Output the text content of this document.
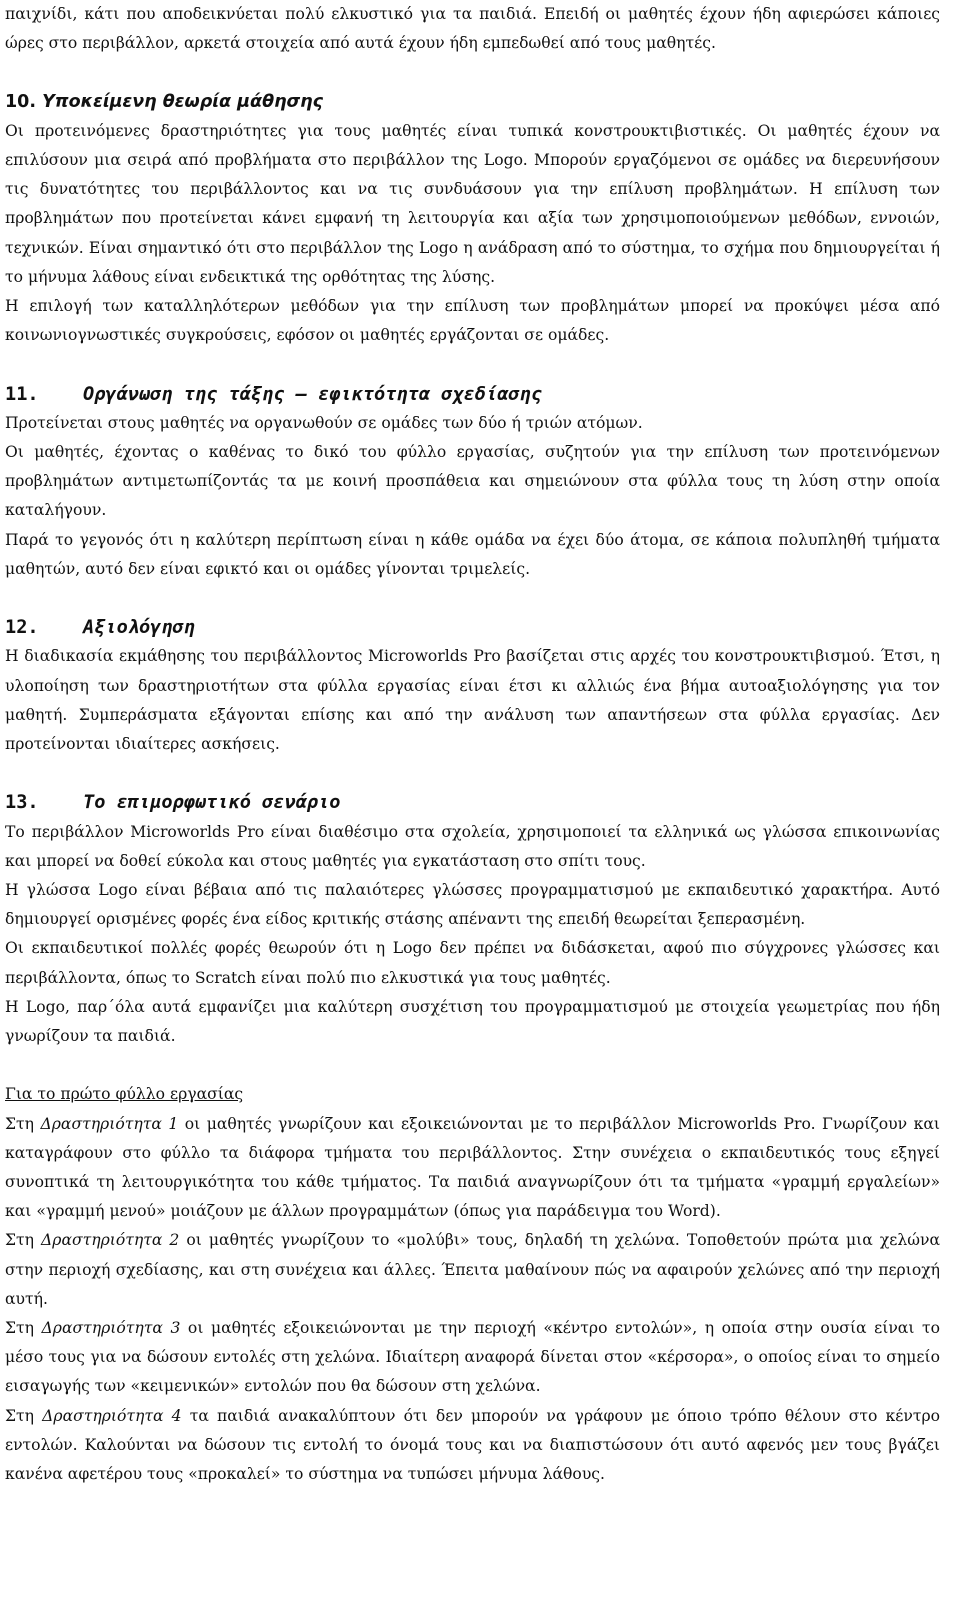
παιχνίδι, κάτι που αποδεικνύεται πολύ ελκυστικό για τα παιδιά. Επειδή οι μαθητές έχουν ήδη αφιερώσει κάποιες ώρες στο περιβάλλον, αρκετά στοιχεία από αυτά έχουν ήδη εμπεδωθεί από τους μαθητές.

10. Υποκείμενη θεωρία μάθησης

Οι προτεινόμενες δραστηριότητες για τους μαθητές είναι τυπικά κονστρουκτιβιστικές. Οι μαθητές έχουν να επιλύσουν μια σειρά από προβλήματα στο περιβάλλον της Logo. Μπορούν εργαζόμενοι σε ομάδες να διερευνήσουν τις δυνατότητες του περιβάλλοντος και να τις συνδυάσουν για την επίλυση προβλημάτων. Η επίλυση των προβλημάτων που προτείνεται κάνει εμφανή τη λειτουργία και αξία των χρησιμοποιούμενων μεθόδων, εννοιών, τεχνικών. Είναι σημαντικό ότι στο περιβάλλον της Logo η ανάδραση από το σύστημα, το σχήμα που δημιουργείται ή το μήνυμα λάθους είναι ενδεικτικά της ορθότητας της λύσης.

Η επιλογή των καταλληλότερων μεθόδων για την επίλυση των προβλημάτων μπορεί να προκύψει μέσα από κοινωνιογνωστικές συγκρούσεις, εφόσον οι μαθητές εργάζονται σε ομάδες.

11. Οργάνωση της τάξης – εφικτότητα σχεδίασης

Προτείνεται στους μαθητές να οργανωθούν σε ομάδες των δύο ή τριών ατόμων.

Οι μαθητές, έχοντας ο καθένας το δικό του φύλλο εργασίας, συζητούν για την επίλυση των προτεινόμενων προβλημάτων αντιμετωπίζοντάς τα με κοινή προσπάθεια και σημειώνουν στα φύλλα τους τη λύση στην οποία καταλήγουν.

Παρά το γεγονός ότι η καλύτερη περίπτωση είναι η κάθε ομάδα να έχει δύο άτομα, σε κάποια πολυπληθή τμήματα μαθητών, αυτό δεν είναι εφικτό και οι ομάδες γίνονται τριμελείς.

12. Αξιολόγηση

Η διαδικασία εκμάθησης του περιβάλλοντος Microworlds Pro βασίζεται στις αρχές του κονστρουκτιβισμού. Έτσι, η υλοποίηση των δραστηριοτήτων στα φύλλα εργασίας είναι έτσι κι αλλιώς ένα βήμα αυτοαξιολόγησης για τον μαθητή. Συμπεράσματα εξάγονται επίσης και από την ανάλυση των απαντήσεων στα φύλλα εργασίας. Δεν προτείνονται ιδιαίτερες ασκήσεις.

13. Το επιμορφωτικό σενάριο

Το περιβάλλον Microworlds Pro είναι διαθέσιμο στα σχολεία, χρησιμοποιεί τα ελληνικά ως γλώσσα επικοινωνίας και μπορεί να δοθεί εύκολα και στους μαθητές για εγκατάσταση στο σπίτι τους.

Η γλώσσα Logo είναι βέβαια από τις παλαιότερες γλώσσες προγραμματισμού με εκπαιδευτικό χαρακτήρα. Αυτό δημιουργεί ορισμένες φορές ένα είδος κριτικής στάσης απέναντι της επειδή θεωρείται ξεπερασμένη.

Οι εκπαιδευτικοί πολλές φορές θεωρούν ότι η Logo δεν πρέπει να διδάσκεται, αφού πιο σύγχρονες γλώσσες και περιβάλλοντα, όπως το Scratch είναι πολύ πιο ελκυστικά για τους μαθητές.

Η Logo, παρ΄όλα αυτά εμφανίζει μια καλύτερη συσχέτιση του προγραμματισμού με στοιχεία γεωμετρίας που ήδη γνωρίζουν τα παιδιά.

Για το πρώτο φύλλο εργασίας

Στη Δραστηριότητα 1 οι μαθητές γνωρίζουν και εξοικειώνονται με το περιβάλλον Microworlds Pro. Γνωρίζουν και καταγράφουν στο φύλλο τα διάφορα τμήματα του περιβάλλοντος. Στην συνέχεια ο εκπαιδευτικός τους εξηγεί συνοπτικά τη λειτουργικότητα του κάθε τμήματος. Τα παιδιά αναγνωρίζουν ότι τα τμήματα «γραμμή εργαλείων» και «γραμμή μενού» μοιάζουν με άλλων προγραμμάτων (όπως για παράδειγμα του Word).

Στη Δραστηριότητα 2 οι μαθητές γνωρίζουν το «μολύβι» τους, δηλαδή τη χελώνα. Τοποθετούν πρώτα μια χελώνα στην περιοχή σχεδίασης, και στη συνέχεια και άλλες. Έπειτα μαθαίνουν πώς να αφαιρούν χελώνες από την περιοχή αυτή.

Στη Δραστηριότητα 3 οι μαθητές εξοικειώνονται με την περιοχή «κέντρο εντολών», η οποία στην ουσία είναι το μέσο τους για να δώσουν εντολές στη χελώνα. Ιδιαίτερη αναφορά δίνεται στον «κέρσορα», ο οποίος είναι το σημείο εισαγωγής των «κειμενικών» εντολών που θα δώσουν στη χελώνα.

Στη Δραστηριότητα 4 τα παιδιά ανακαλύπτουν ότι δεν μπορούν να γράφουν με όποιο τρόπο θέλουν στο κέντρο εντολών. Καλούνται να δώσουν τις εντολή το όνομά τους και να διαπιστώσουν ότι αυτό αφενός μεν τους βγάζει κανένα αφετέρου τους «προκαλεί» το σύστημα να τυπώσει μήνυμα λάθους.
